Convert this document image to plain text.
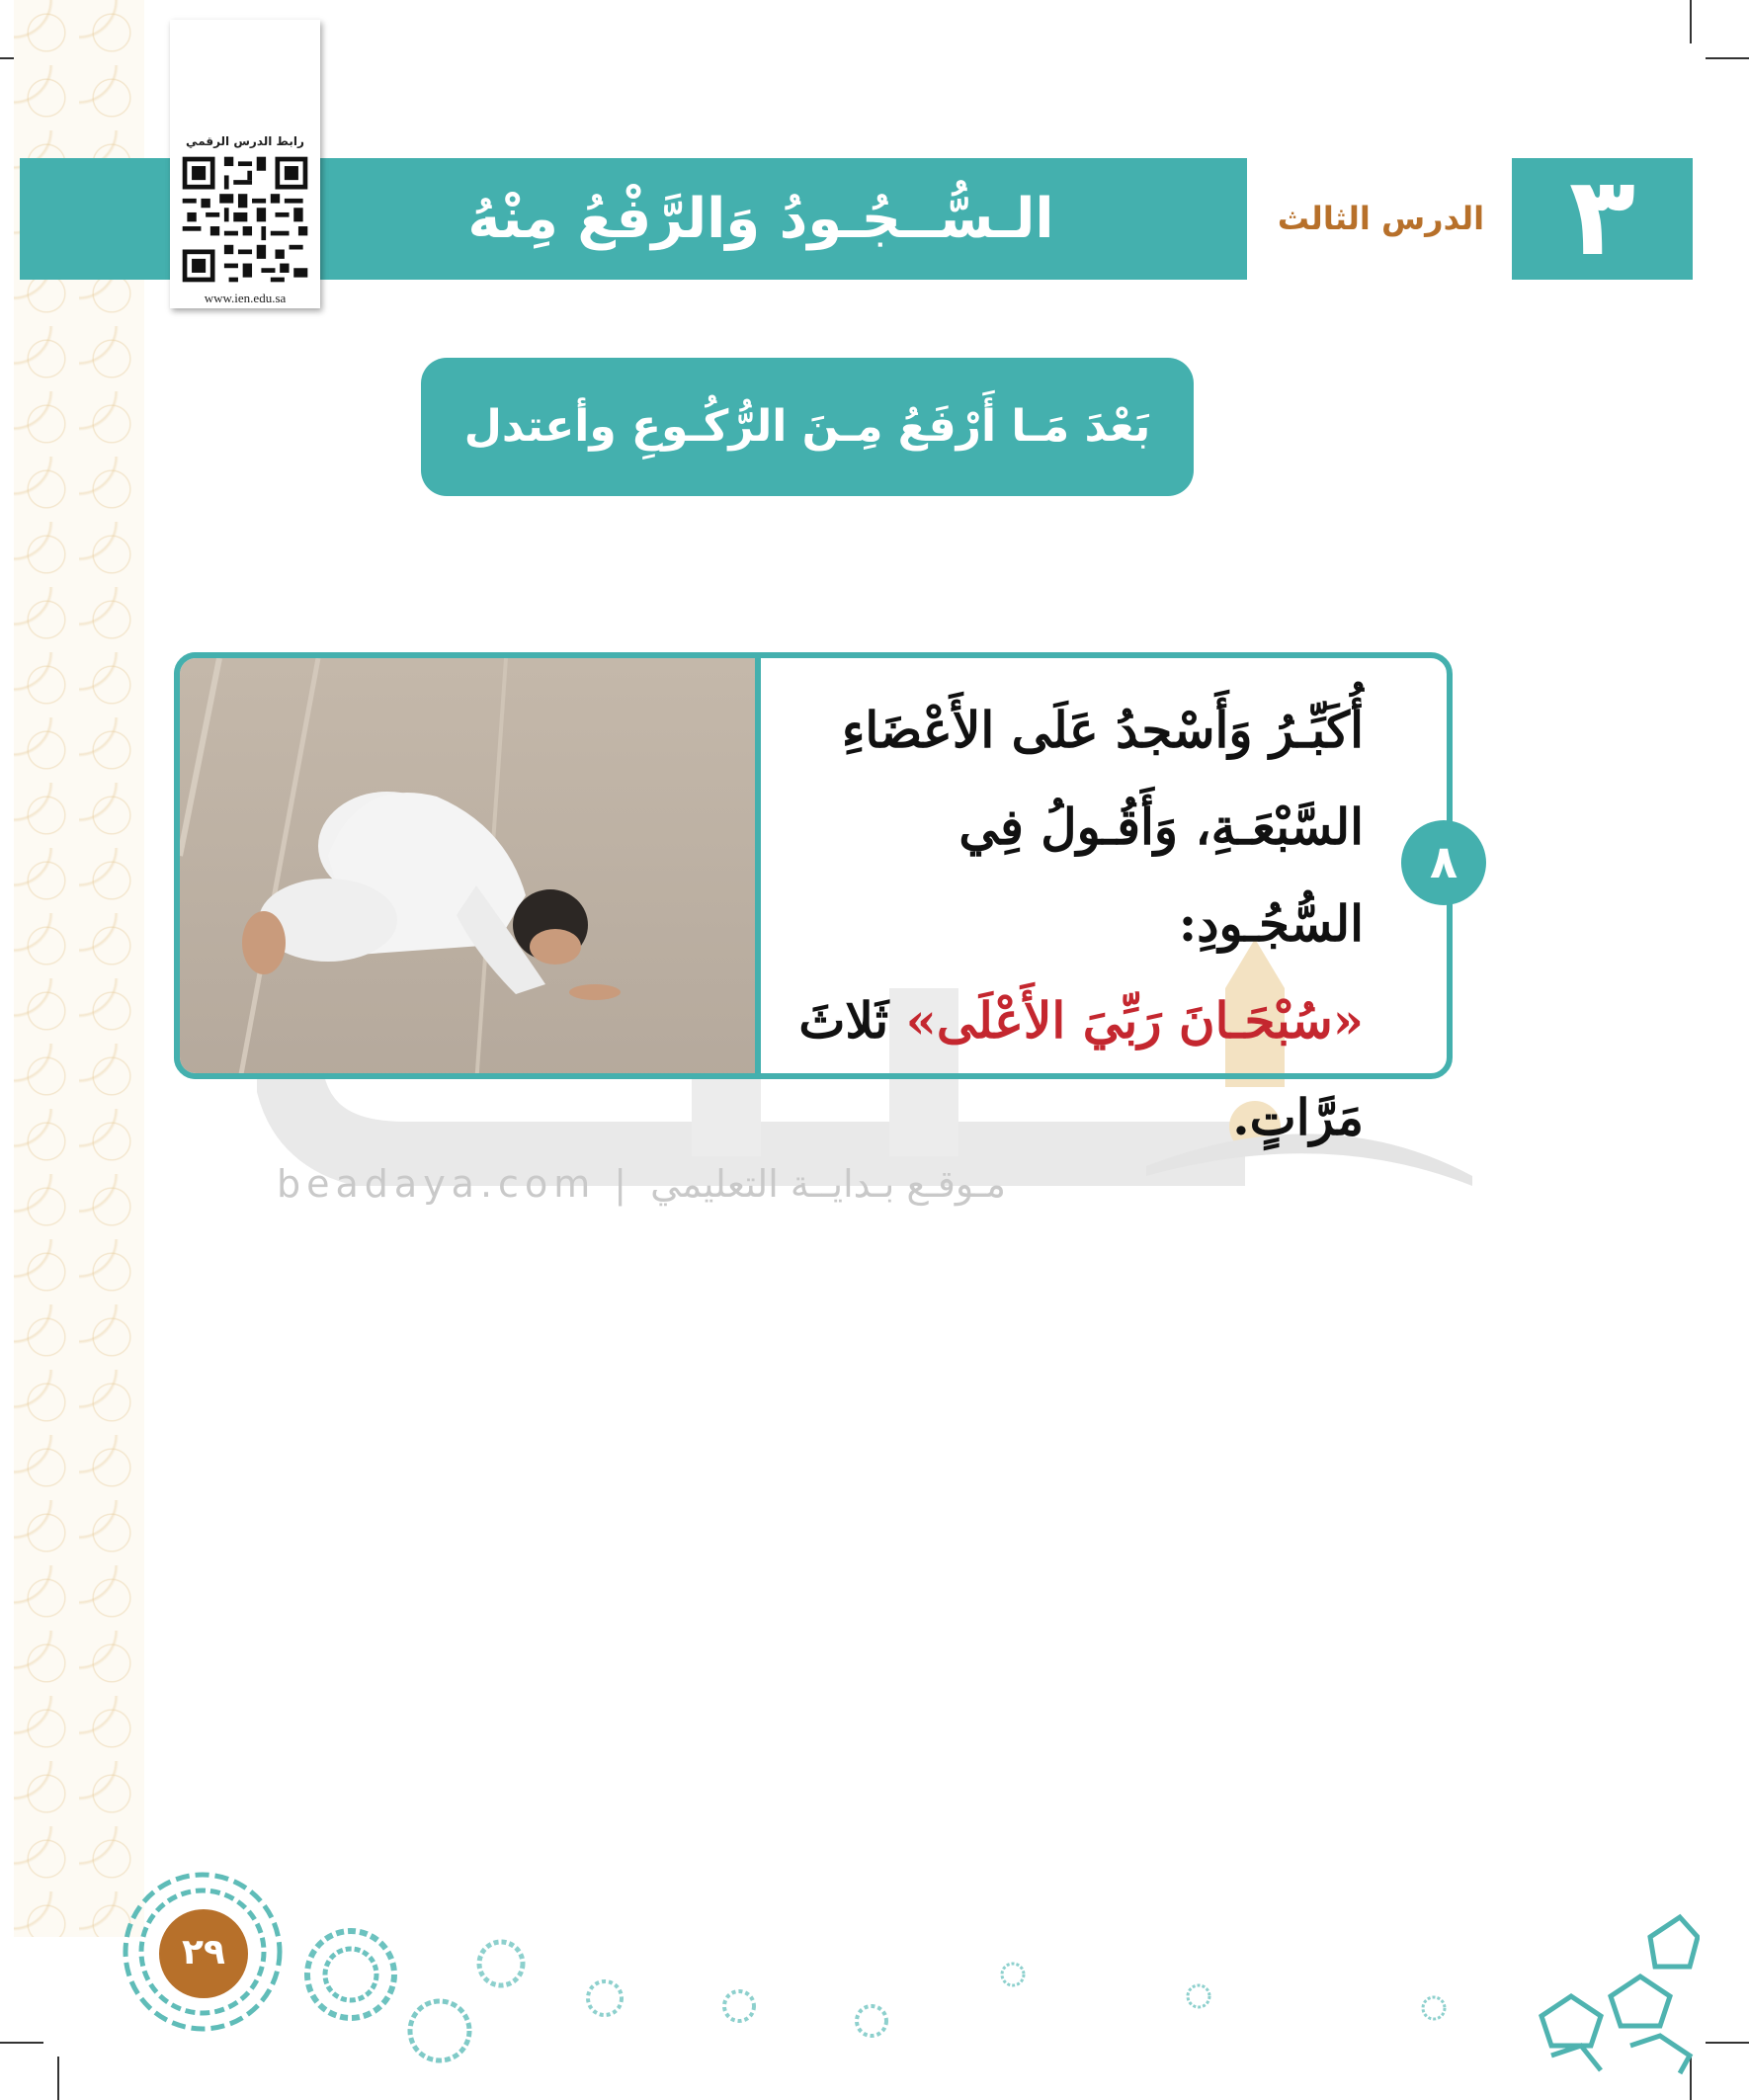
الـسُّــجُـودُ وَالرَّفْعُ مِنْهُ	الدرس الثالث ٣
رابط الدرس الرقمي
www.ien.edu.sa
بَعْدَ مَـا أَرْفَعُ مِـنَ الرُّكُـوعِ وأعتدل
beadaya.com | مـوقـع بـدايــة التعليمي
٨
أُكَبِّـرُ وَأَسْجدُ عَلَى الأَعْضَاءِ
السَّبْعَـةِ، وَأَقُـولُ فِي السُّجُـودِ:
«سُبْحَـانَ رَبِّيَ الأَعْلَى» ثَلاثَ
مَرَّاتٍ.
٢٩
